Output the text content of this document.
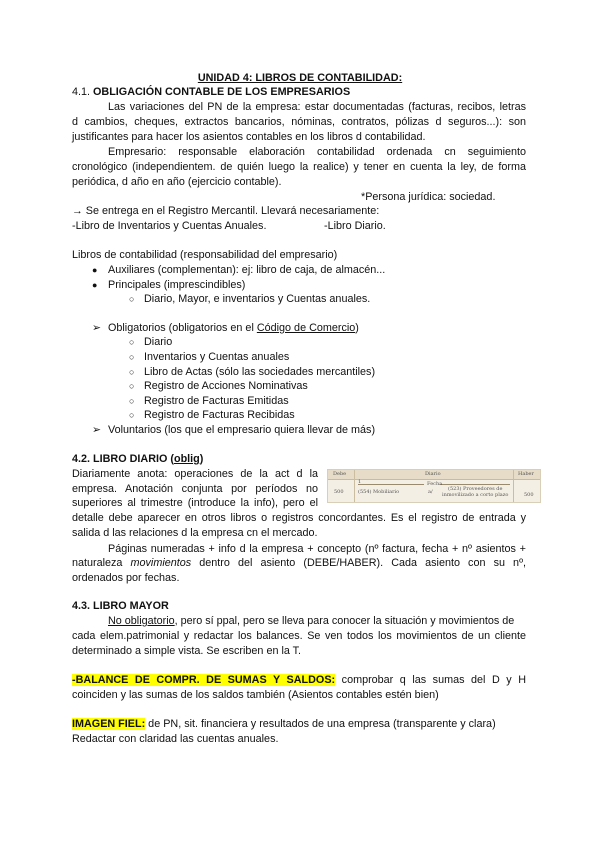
UNIDAD 4: LIBROS DE CONTABILIDAD:
4.1. OBLIGACIÓN CONTABLE DE LOS EMPRESARIOS
Las variaciones del PN de la empresa: estar documentadas (facturas, recibos, letras
d cambios, cheques, extractos bancarios, nóminas, contratos, pólizas d seguros...): son
justificantes para hacer los asientos contables en los libros d contabilidad.
Empresario: responsable elaboración contabilidad ordenada cn seguimiento
cronológico (independientem. de quién luego la realice) y tener en cuenta la ley, de forma
periódica, d año en año (ejercicio contable).
*Persona jurídica: sociedad.
→ Se entrega en el Registro Mercantil. Llevará necesariamente:
-Libro de Inventarios y Cuentas Anuales.	-Libro Diario.
Libros de contabilidad (responsabilidad del empresario)
● Auxiliares (complementan): ej: libro de caja, de almacén...
● Principales (imprescindibles)
○ Diario, Mayor, e inventarios y Cuentas anuales.
➢ Obligatorios (obligatorios en el Código de Comercio)
○ Diario
○ Inventarios y Cuentas anuales
○ Libro de Actas (sólo las sociedades mercantiles)
○ Registro de Acciones Nominativas
○ Registro de Facturas Emitidas
○ Registro de Facturas Recibidas
➢ Voluntarios (los que el empresario quiera llevar de más)
4.2. LIBRO DIARIO (oblig)
Diariamente anota: operaciones de la act d la
empresa. Anotación conjunta por períodos no
superiores al trimestre (introduce la info), pero el
detalle debe aparecer en otros libros o registros concordantes. Es el registro de entrada y
salida d las relaciones d la empresa cn el mercado.
Debe	Diario	Haber
1	Fecha
500	(554) Mobiliario	a/	(523) Proveedores de
inmovilizado a corto plazo	500
Páginas numeradas + info d la empresa + concepto (nº factura, fecha + nº asientos +
naturaleza movimientos dentro del asiento (DEBE/HABER). Cada asiento con su nº,
ordenados por fechas.
4.3. LIBRO MAYOR
No obligatorio, pero sí ppal, pero se lleva para conocer la situación y movimientos de
cada elem.patrimonial y redactar los balances. Se ven todos los movimientos de un cliente
determinado a simple vista. Se escriben en la T.
-BALANCE DE COMPR. DE SUMAS Y SALDOS: comprobar q las sumas del D y H
coinciden y las sumas de los saldos también (Asientos contables estén bien)
IMAGEN FIEL: de PN, sit. financiera y resultados de una empresa (transparente y clara)
Redactar con claridad las cuentas anuales.
